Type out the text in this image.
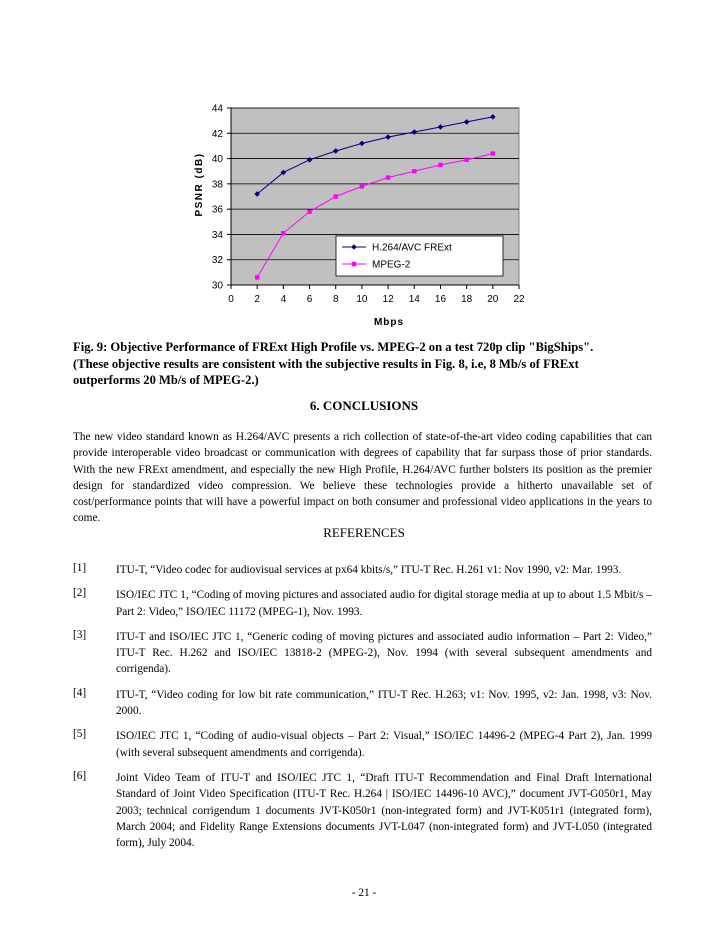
30
32
34
36
38
40
42
44
0 2 4 6 8 10 12 14 16 18 20 22
Mbps
PSNR (dB)
H.264/AVC FRExt
MPEG-2

Fig. 9: Objective Performance of FRExt High Profile vs. MPEG-2 on a test 720p clip "BigShips".

(These objective results are consistent with the subjective results in Fig. 8, i.e, 8 Mb/s of FRExt

outperforms 20 Mb/s of MPEG-2.)

6. CONCLUSIONS

The new video standard known as H.264/AVC presents a rich collection of state-of-the-art video coding capabilities that can provide interoperable video broadcast or communication with degrees of capability that far surpass those of prior standards. With the new FRExt amendment, and especially the new High Profile, H.264/AVC further bolsters its position as the premier design for standardized video compression. We believe these technologies provide a hitherto unavailable set of cost/performance points that will have a powerful impact on both consumer and professional video applications in the years to come.

REFERENCES
[1]	ITU-T, “Video codec for audiovisual services at px64 kbits/s,” ITU-T Rec. H.261 v1: Nov 1990, v2: Mar. 1993.
[2]	ISO/IEC JTC 1, “Coding of moving pictures and associated audio for digital storage media at up to about 1.5 Mbit/s – Part 2: Video,” ISO/IEC 11172 (MPEG-1), Nov. 1993.
[3]	ITU-T and ISO/IEC JTC 1, “Generic coding of moving pictures and associated audio information – Part 2: Video,” ITU-T Rec. H.262 and ISO/IEC 13818-2 (MPEG-2), Nov. 1994 (with several subsequent amendments and corrigenda).
[4]	ITU-T, “Video coding for low bit rate communication,” ITU-T Rec. H.263; v1: Nov. 1995, v2: Jan. 1998, v3: Nov. 2000.
[5]	ISO/IEC JTC 1, “Coding of audio-visual objects – Part 2: Visual,” ISO/IEC 14496-2 (MPEG-4 Part 2), Jan. 1999 (with several subsequent amendments and corrigenda).
[6]	Joint Video Team of ITU-T and ISO/IEC JTC 1, “Draft ITU-T Recommendation and Final Draft International Standard of Joint Video Specification (ITU-T Rec. H.264 | ISO/IEC 14496-10 AVC),” document JVT-G050r1, May 2003; technical corrigendum 1 documents JVT-K050r1 (non-integrated form) and JVT-K051r1 (integrated form), March 2004; and Fidelity Range Extensions documents JVT-L047 (non-integrated form) and JVT-L050 (integrated form), July 2004.
- 21 -
